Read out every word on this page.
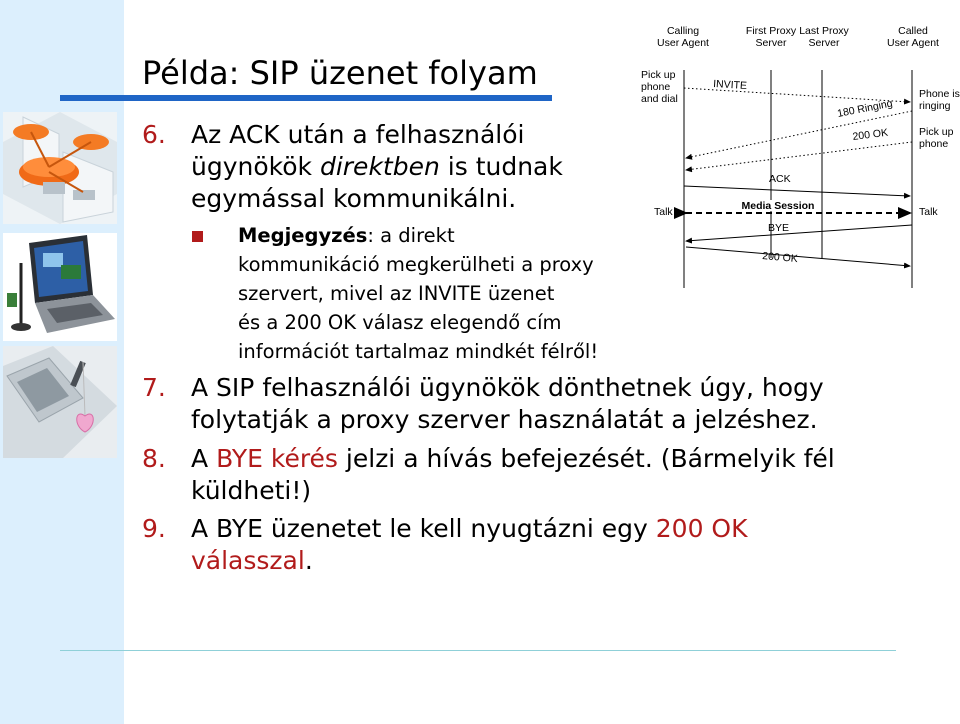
Példa: SIP üzenet folyam
6. Az ACK után a felhasználói
ügynökök direktben is tudnak
egymással kommunikálni.
Megjegyzés: a direkt
kommunikáció megkerülheti a proxy
szervert, mivel az INVITE üzenet
és a 200 OK válasz elegendő cím
információt tartalmaz mindkét félről!
7. A SIP felhasználói ügynökök dönthetnek úgy, hogy
folytatják a proxy szerver használatát a jelzéshez.
8. A BYE kérés jelzi a hívás befejezését. (Bármelyik fél
küldheti!)
9. A BYE üzenetet le kell nyugtázni egy 200 OK
válasszal.
Calling
User Agent
First Proxy
Server
Last Proxy
Server
Called
User Agent
Pick up
phone
and dial	Phone is
ringing
Pick up
phone
Talk	Talk
INVITE
180 Ringing
200 OK
ACK
Media Session
BYE
200 OK
